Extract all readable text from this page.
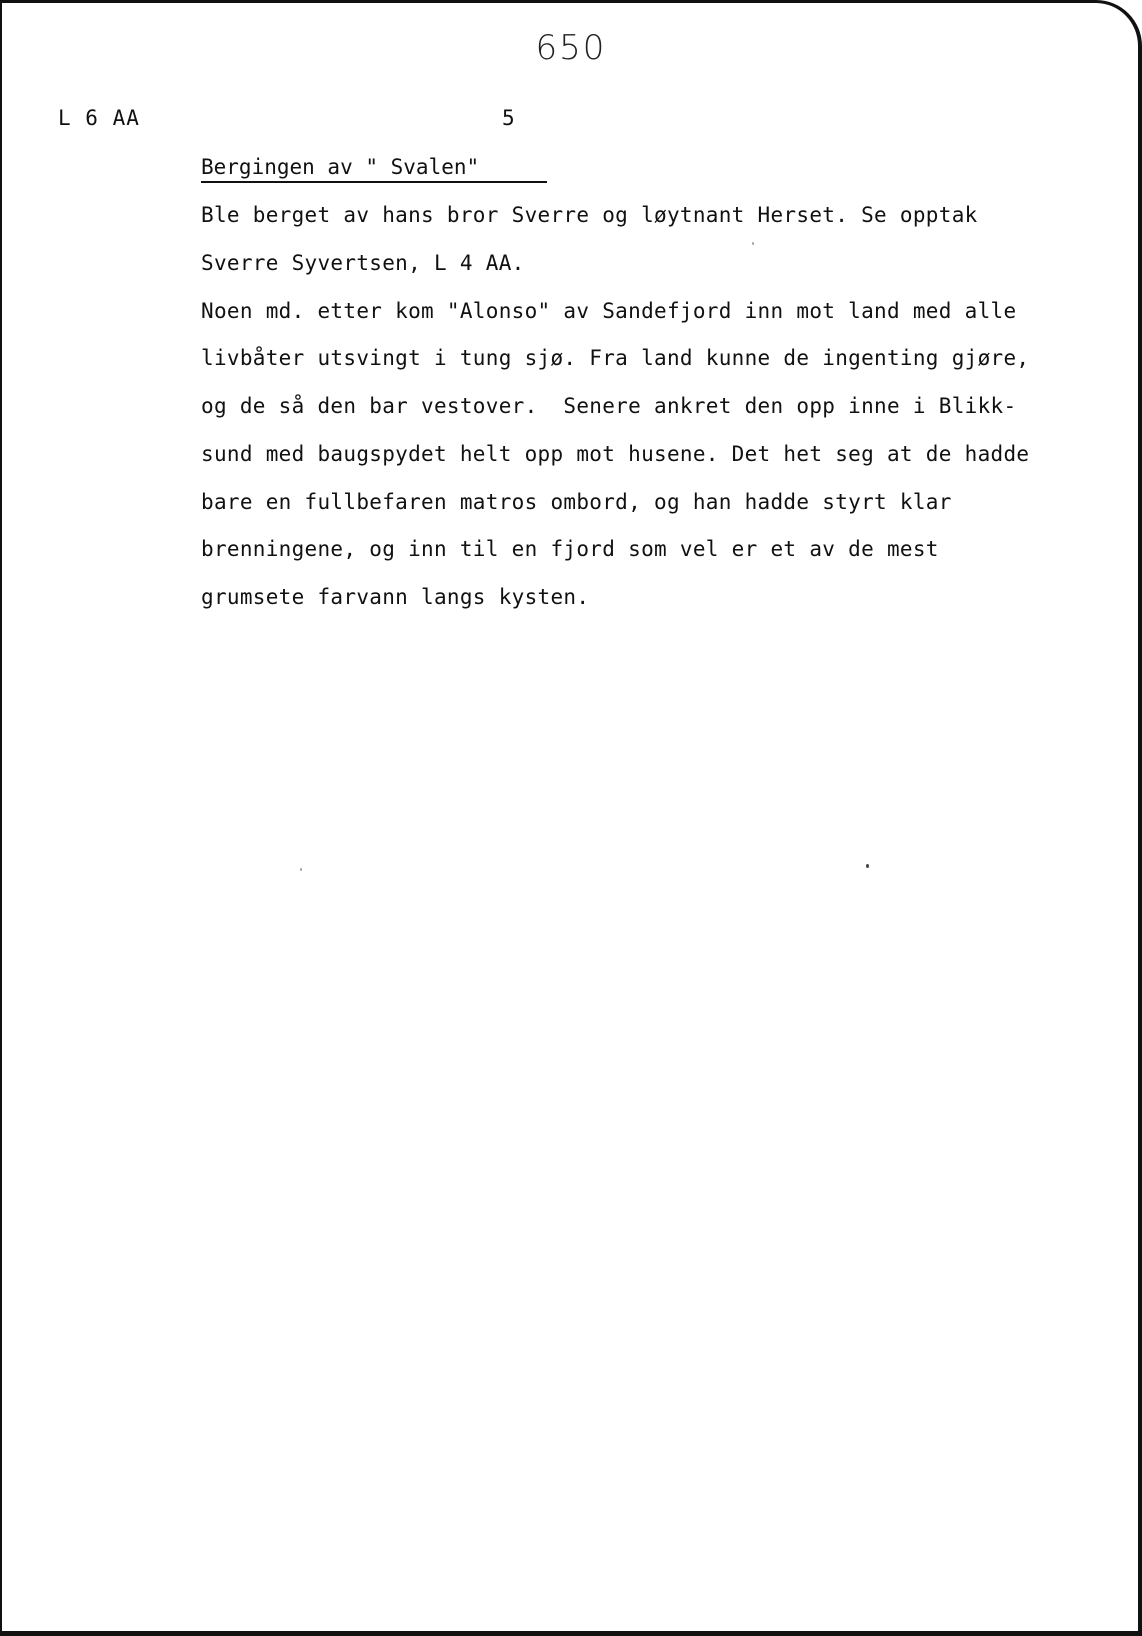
650
L 6 AA	5
Bergingen av " Svalen"
Ble berget av hans bror Sverre og løytnant Herset. Se opptak
Sverre Syvertsen, L 4 AA.
Noen md. etter kom "Alonso" av Sandefjord inn mot land med alle
livbåter utsvingt i tung sjø. Fra land kunne de ingenting gjøre,
og de så den bar vestover.  Senere ankret den opp inne i Blikk-
sund med baugspydet helt opp mot husene. Det het seg at de hadde
bare en fullbefaren matros ombord, og han hadde styrt klar
brenningene, og inn til en fjord som vel er et av de mest
grumsete farvann langs kysten.
